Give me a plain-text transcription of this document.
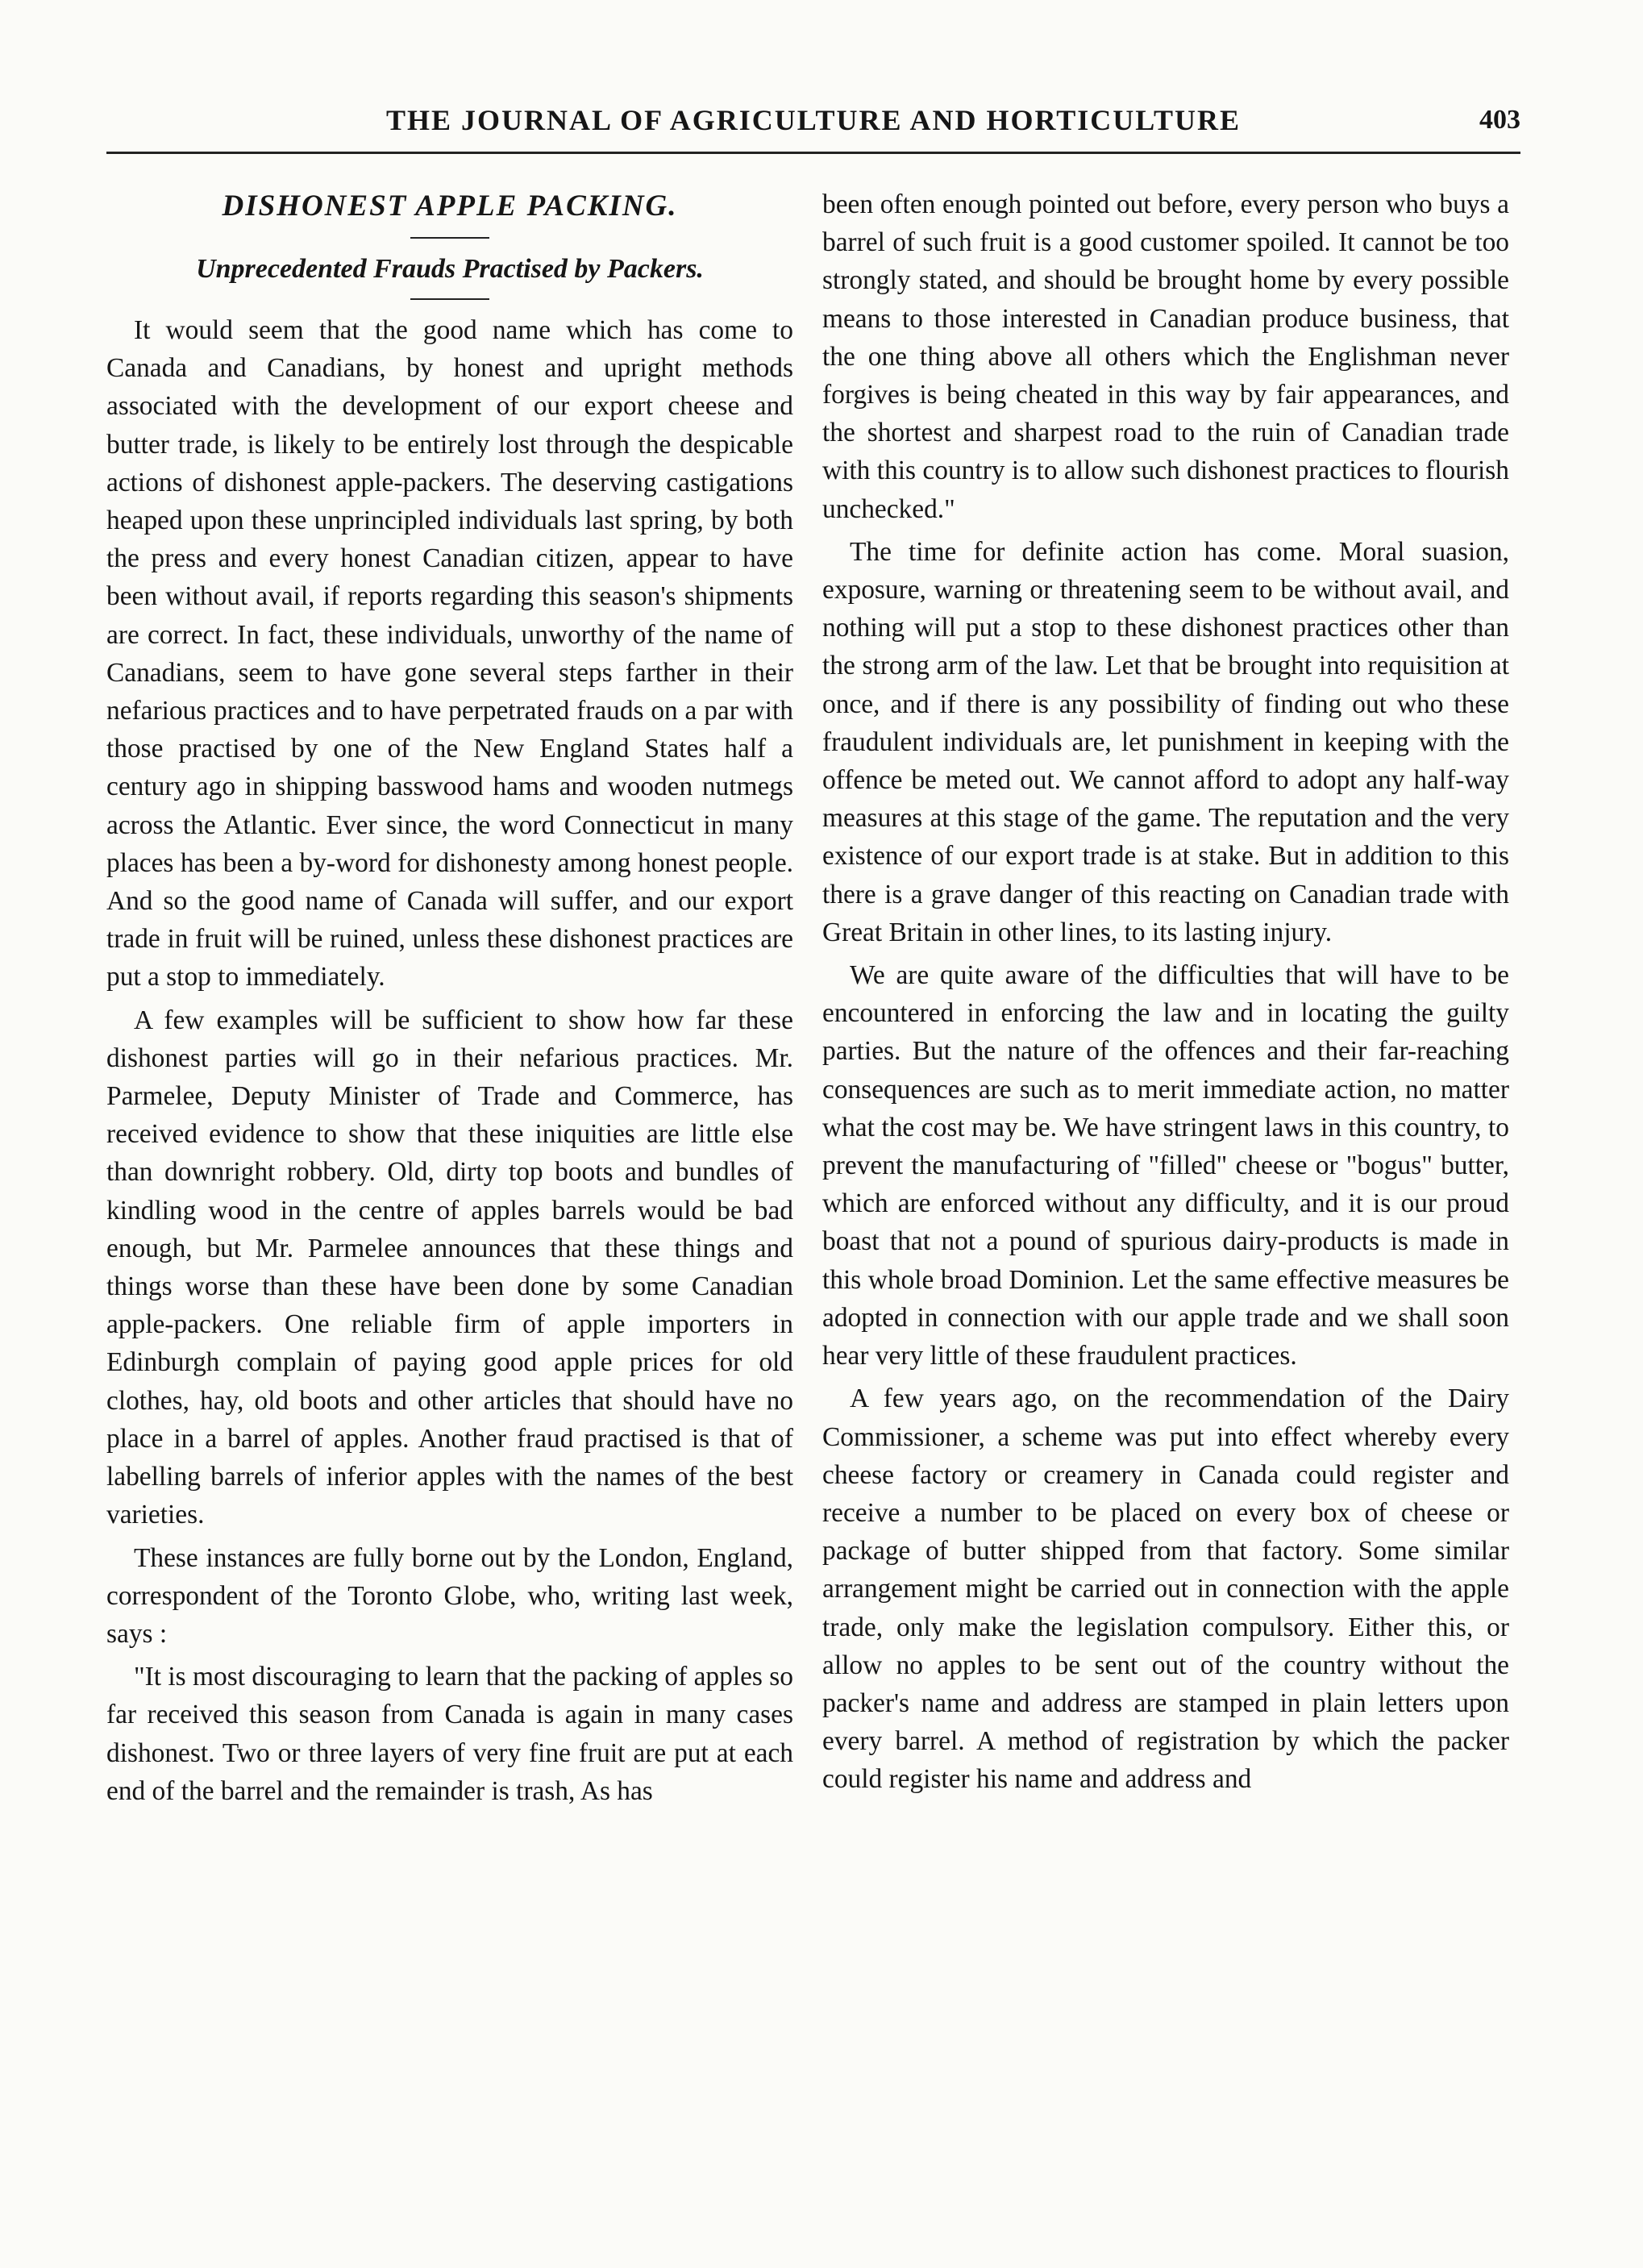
THE JOURNAL OF AGRICULTURE AND HORTICULTURE	403
DISHONEST APPLE PACKING.
Unprecedented Frauds Practised by Packers.

It would seem that the good name which has come to Canada and Canadians, by honest and upright methods associated with the development of our export cheese and butter trade, is likely to be entirely lost through the despicable actions of dishonest apple-packers. The deserving castigations heaped upon these unprincipled individuals last spring, by both the press and every honest Canadian citizen, appear to have been without avail, if reports regarding this season's shipments are correct. In fact, these individuals, unworthy of the name of Canadians, seem to have gone several steps farther in their nefarious practices and to have perpetrated frauds on a par with those practised by one of the New England States half a century ago in shipping basswood hams and wooden nutmegs across the Atlantic. Ever since, the word Connecticut in many places has been a by-word for dishonesty among honest people. And so the good name of Canada will suffer, and our export trade in fruit will be ruined, unless these dishonest practices are put a stop to immediately.

A few examples will be sufficient to show how far these dishonest parties will go in their nefarious practices. Mr. Parmelee, Deputy Minister of Trade and Commerce, has received evidence to show that these iniquities are little else than downright robbery. Old, dirty top boots and bundles of kindling wood in the centre of apples barrels would be bad enough, but Mr. Parmelee announces that these things and things worse than these have been done by some Canadian apple-packers. One reliable firm of apple importers in Edinburgh complain of paying good apple prices for old clothes, hay, old boots and other articles that should have no place in a barrel of apples. Another fraud practised is that of labelling barrels of inferior apples with the names of the best varieties.

These instances are fully borne out by the London, England, correspondent of the Toronto Globe, who, writing last week, says :

"It is most discouraging to learn that the packing of apples so far received this season from Canada is again in many cases dishonest. Two or three layers of very fine fruit are put at each end of the barrel and the remainder is trash, As has

been often enough pointed out before, every person who buys a barrel of such fruit is a good customer spoiled. It cannot be too strongly stated, and should be brought home by every possible means to those interested in Canadian produce business, that the one thing above all others which the Englishman never forgives is being cheated in this way by fair appearances, and the shortest and sharpest road to the ruin of Canadian trade with this country is to allow such dishonest practices to flourish unchecked."

The time for definite action has come. Moral suasion, exposure, warning or threatening seem to be without avail, and nothing will put a stop to these dishonest practices other than the strong arm of the law. Let that be brought into requisition at once, and if there is any possibility of finding out who these fraudulent individuals are, let punishment in keeping with the offence be meted out. We cannot afford to adopt any half-way measures at this stage of the game. The reputation and the very existence of our export trade is at stake. But in addition to this there is a grave danger of this reacting on Canadian trade with Great Britain in other lines, to its lasting injury.

We are quite aware of the difficulties that will have to be encountered in enforcing the law and in locating the guilty parties. But the nature of the offences and their far-reaching consequences are such as to merit immediate action, no matter what the cost may be. We have stringent laws in this country, to prevent the manufacturing of "filled" cheese or "bogus" butter, which are enforced without any difficulty, and it is our proud boast that not a pound of spurious dairy-products is made in this whole broad Dominion. Let the same effective measures be adopted in connection with our apple trade and we shall soon hear very little of these fraudulent practices.

A few years ago, on the recommendation of the Dairy Commissioner, a scheme was put into effect whereby every cheese factory or creamery in Canada could register and receive a number to be placed on every box of cheese or package of butter shipped from that factory. Some similar arrangement might be carried out in connection with the apple trade, only make the legislation compulsory. Either this, or allow no apples to be sent out of the country without the packer's name and address are stamped in plain letters upon every barrel. A method of registration by which the packer could register his name and address and
